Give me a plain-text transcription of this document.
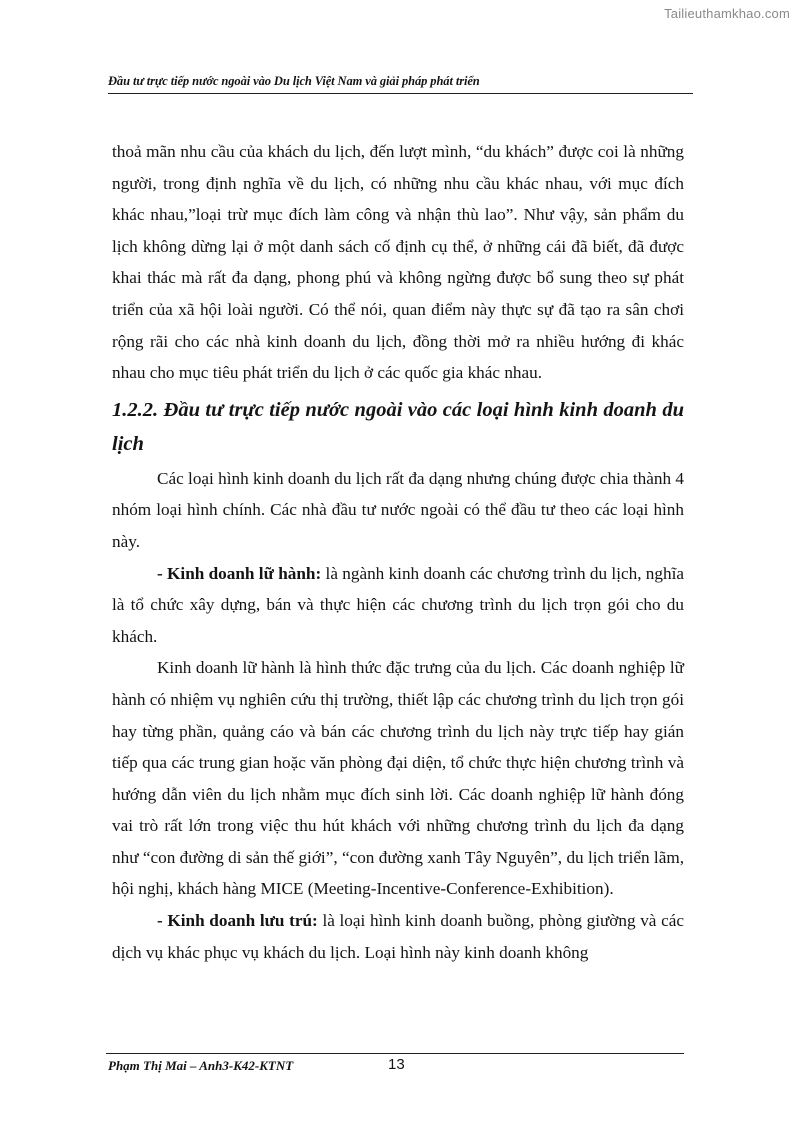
Tailieuthamkhao.com
Đầu tư trực tiếp nước ngoài vào Du lịch Việt Nam và giải pháp phát triển

thoả mãn nhu cầu của khách du lịch, đến lượt mình, “du khách” được coi là những người, trong định nghĩa về du lịch, có những nhu cầu khác nhau, với mục đích khác nhau,”loại trừ mục đích làm công và nhận thù lao”. Như vậy, sản phẩm du lịch không dừng lại ở một danh sách cố định cụ thể, ở những cái đã biết, đã được khai thác mà rất đa dạng, phong phú và không ngừng được bổ sung theo sự phát triển của xã hội loài người. Có thể nói, quan điểm này thực sự đã tạo ra sân chơi rộng rãi cho các nhà kinh doanh du lịch, đồng thời mở ra nhiều hướng đi khác nhau cho mục tiêu phát triển du lịch ở các quốc gia khác nhau.

1.2.2. Đầu tư trực tiếp nước ngoài vào các loại hình kinh doanh du lịch

Các loại hình kinh doanh du lịch rất đa dạng nhưng chúng được chia thành 4 nhóm loại hình chính. Các nhà đầu tư nước ngoài có thể đầu tư theo các loại hình này.

- Kinh doanh lữ hành: là ngành kinh doanh các chương trình du lịch, nghĩa là tổ chức xây dựng, bán và thực hiện các chương trình du lịch trọn gói cho du khách.

Kinh doanh lữ hành là hình thức đặc trưng của du lịch. Các doanh nghiệp lữ hành có nhiệm vụ nghiên cứu thị trường, thiết lập các chương trình du lịch trọn gói hay từng phần, quảng cáo và bán các chương trình du lịch này trực tiếp hay gián tiếp qua các trung gian hoặc văn phòng đại diện, tổ chức thực hiện chương trình và hướng dẫn viên du lịch nhằm mục đích sinh lời. Các doanh nghiệp lữ hành đóng vai trò rất lớn trong việc thu hút khách với những chương trình du lịch đa dạng như “con đường di sản thế giới”, “con đường xanh Tây Nguyên”, du lịch triển lãm, hội nghị, khách hàng MICE (Meeting-Incentive-Conference-Exhibition).

- Kinh doanh lưu trú: là loại hình kinh doanh buồng, phòng giường và các dịch vụ khác phục vụ khách du lịch. Loại hình này kinh doanh không

Phạm Thị Mai – Anh3-K42-KTNT	13
